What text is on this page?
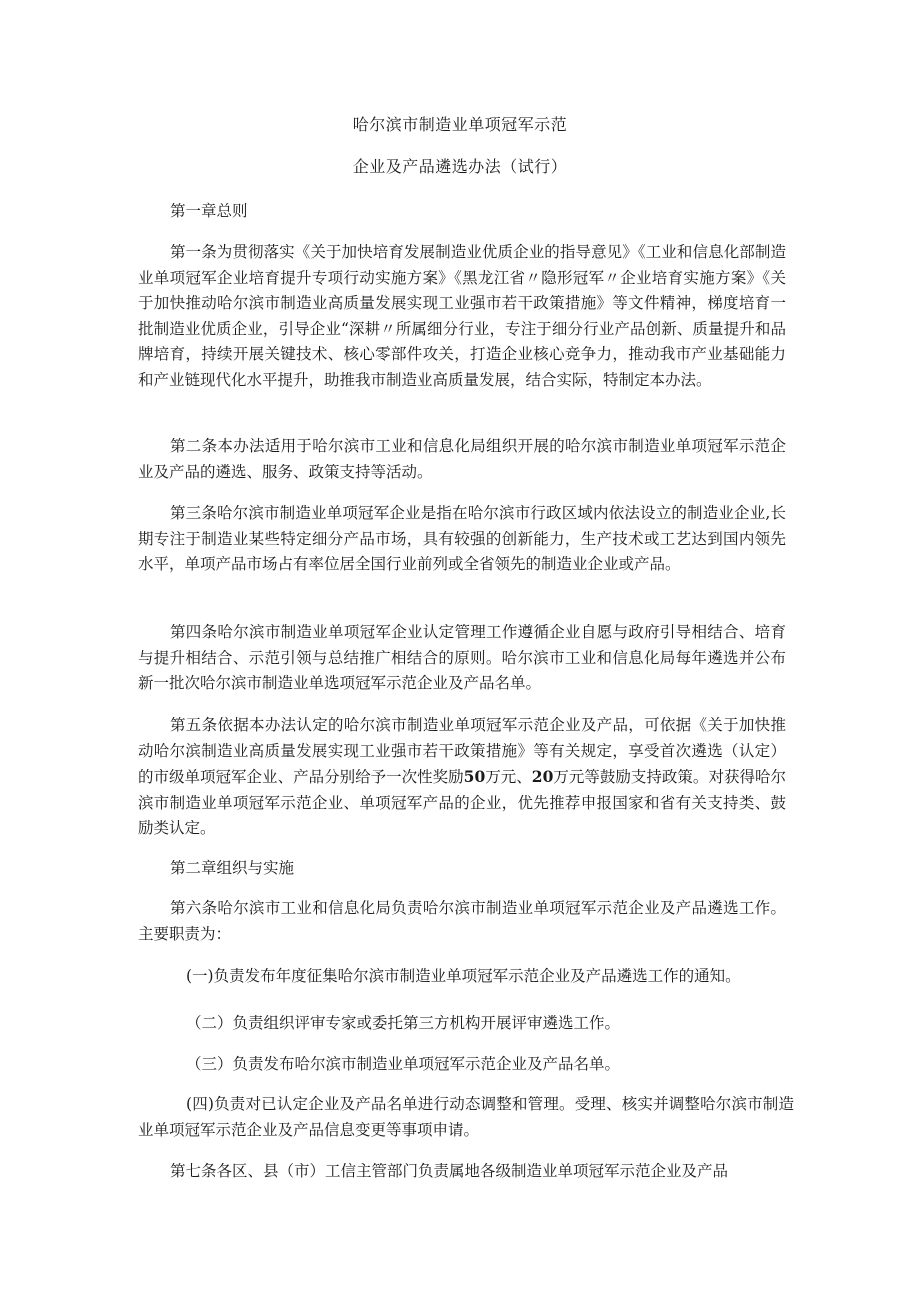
哈尔滨市制造业单项冠军示范
企业及产品遴选办法（试行）
第一章总则
第一条为贯彻落实《关于加快培育发展制造业优质企业的指导意见》《工业和信息化部制造业单项冠军企业培育提升专项行动实施方案》《黑龙江省〃隐形冠军〃企业培育实施方案》《关于加快推动哈尔滨市制造业高质量发展实现工业强市若干政策措施》等文件精神，梯度培育一批制造业优质企业，引导企业“深耕〃所属细分行业，专注于细分行业产品创新、质量提升和品牌培育，持续开展关键技术、核心零部件攻关，打造企业核心竞争力，推动我市产业基础能力和产业链现代化水平提升，助推我市制造业高质量发展，结合实际，特制定本办法。
第二条本办法适用于哈尔滨市工业和信息化局组织开展的哈尔滨市制造业单项冠军示范企业及产品的遴选、服务、政策支持等活动。
第三条哈尔滨市制造业单项冠军企业是指在哈尔滨市行政区域内依法设立的制造业企业,长期专注于制造业某些特定细分产品市场，具有较强的创新能力，生产技术或工艺达到国内领先水平，单项产品市场占有率位居全国行业前列或全省领先的制造业企业或产品。
第四条哈尔滨市制造业单项冠军企业认定管理工作遵循企业自愿与政府引导相结合、培育与提升相结合、示范引领与总结推广相结合的原则。哈尔滨市工业和信息化局每年遴选并公布新一批次哈尔滨市制造业单选项冠军示范企业及产品名单。
第五条依据本办法认定的哈尔滨市制造业单项冠军示范企业及产品，可依据《关于加快推动哈尔滨制造业高质量发展实现工业强市若干政策措施》等有关规定，享受首次遴选（认定）的市级单项冠军企业、产品分别给予一次性奖励50万元、20万元等鼓励支持政策。对获得哈尔滨市制造业单项冠军示范企业、单项冠军产品的企业，优先推荐申报国家和省有关支持类、鼓励类认定。
第二章组织与实施
第六条哈尔滨市工业和信息化局负责哈尔滨市制造业单项冠军示范企业及产品遴选工作。主要职责为：
(一)负责发布年度征集哈尔滨市制造业单项冠军示范企业及产品遴选工作的通知。
（二）负责组织评审专家或委托第三方机构开展评审遴选工作。
（三）负责发布哈尔滨市制造业单项冠军示范企业及产品名单。
(四)负责对已认定企业及产品名单进行动态调整和管理。受理、核实并调整哈尔滨市制造业单项冠军示范企业及产品信息变更等事项申请。
第七条各区、县（市）工信主管部门负责属地各级制造业单项冠军示范企业及产品
